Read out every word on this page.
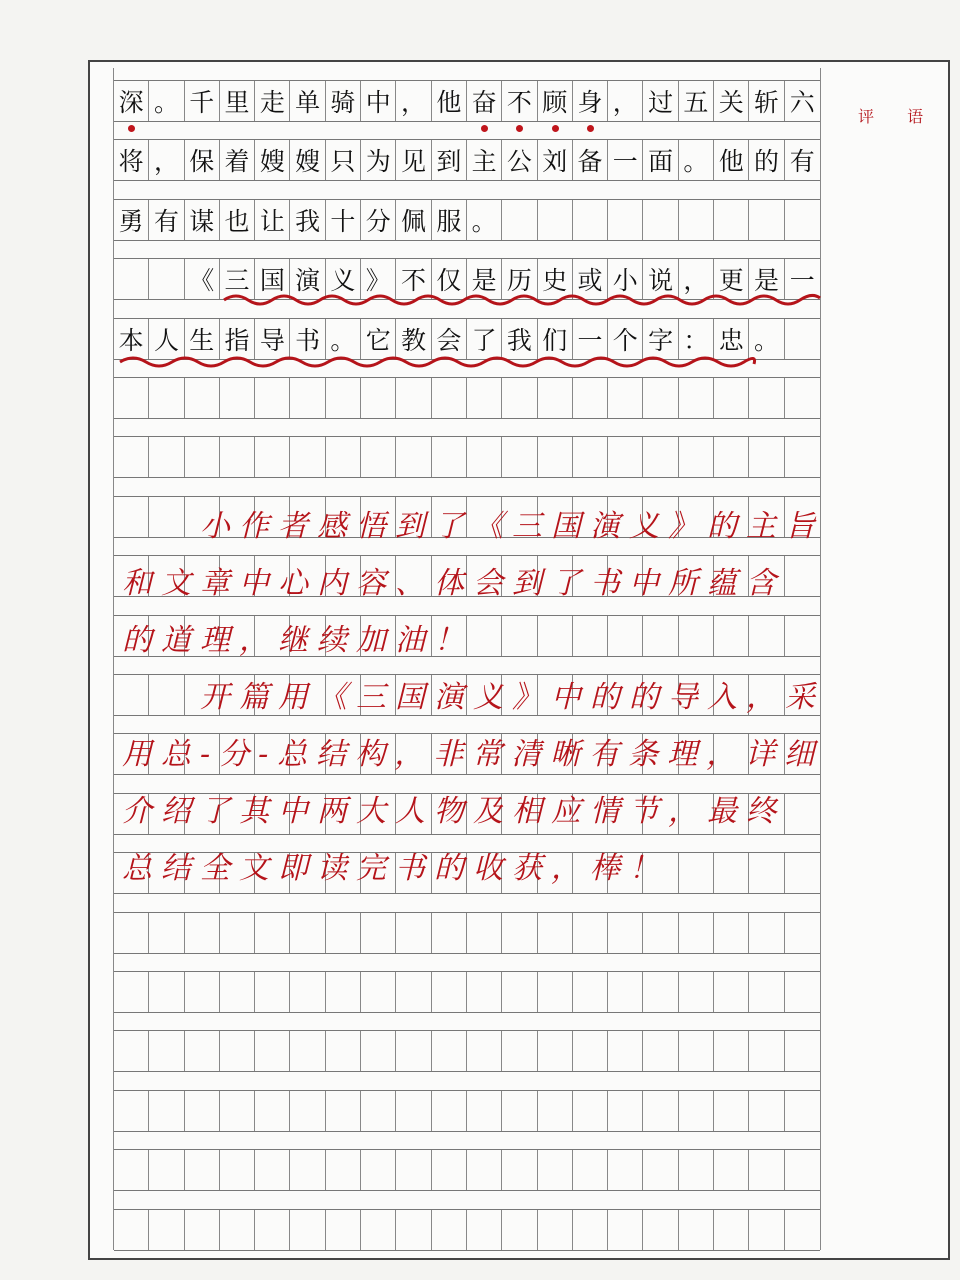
评 语
深 。 千 里 走 单 骑 中 ， 他 奋 不 顾 身 ， 过 五 关 斩 六
将 ， 保 着 嫂 嫂 只 为 见 到 主 公 刘 备 一 面 。 他 的 有
勇 有 谋 也 让 我 十 分 佩 服 。
《 三 国 演 义 》 不 仅 是 历 史 或 小 说 ， 更 是 一
本 人 生 指 导 书 。 它 教 会 了 我 们 一 个 字 ： 忠 。
　　小作者感悟到了《三国演义》的主旨
和文章中心内容、体会到了书中所蕴含
的道理，继续加油！
　　开篇用《三国演义》中的的导入，采
用总-分-总结构，非常清晰有条理，详细
介绍了其中两大人物及相应情节，最终
总结全文即读完书的收获，棒！
